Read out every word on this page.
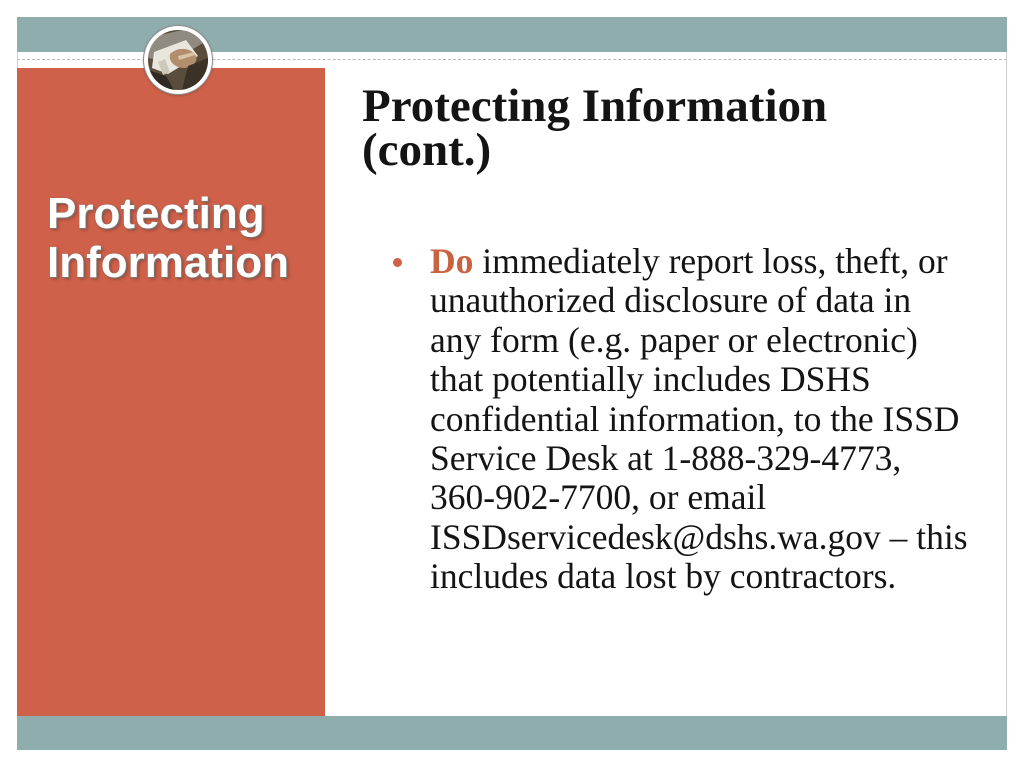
Protecting Information
Protecting Information (cont.)
Do immediately report loss, theft, or
unauthorized disclosure of data in
any form (e.g. paper or electronic)
that potentially includes DSHS
confidential information, to the ISSD
Service Desk at 1-888-329-4773,
360-902-7700, or email
ISSDservicedesk@dshs.wa.gov – this
includes data lost by contractors.
